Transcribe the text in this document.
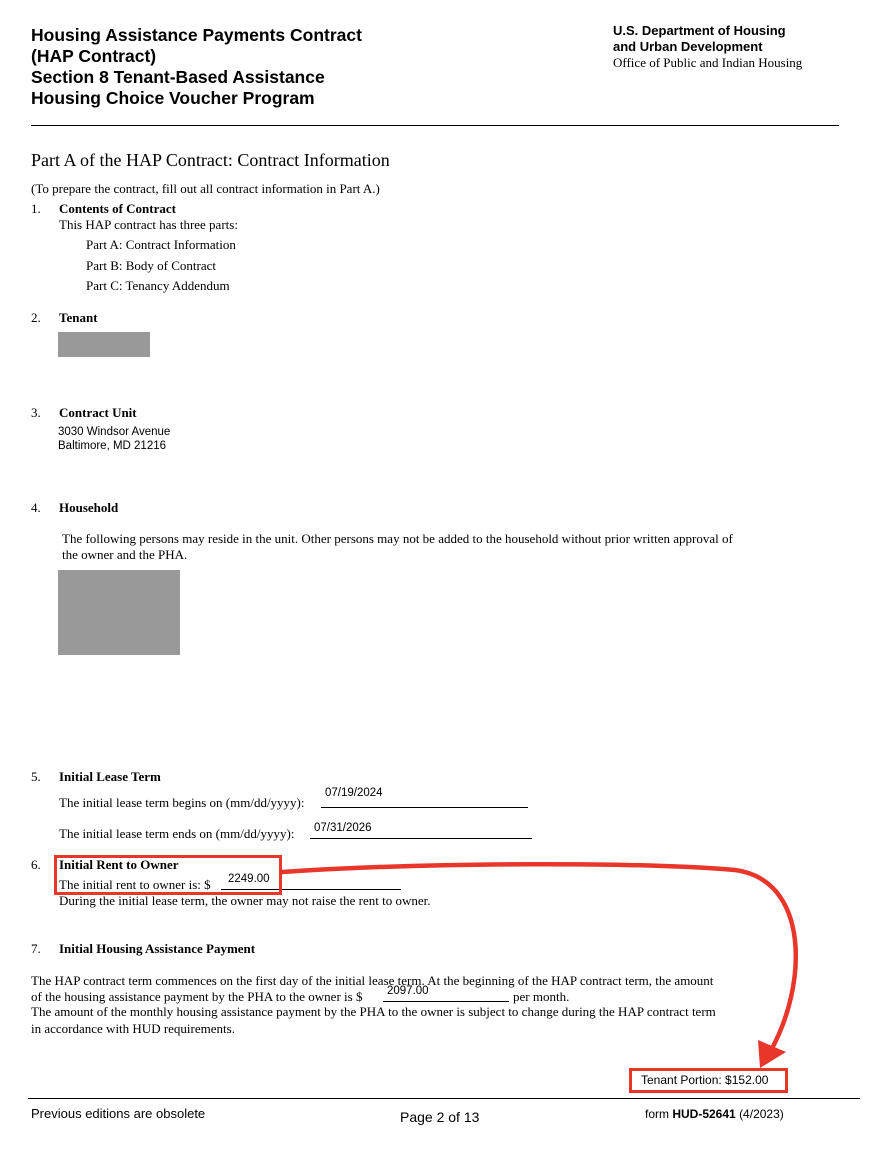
Housing Assistance Payments Contract
(HAP Contract)
Section 8 Tenant-Based Assistance
Housing Choice Voucher Program
U.S. Department of Housing
and Urban Development
Office of Public and Indian Housing
Part A of the HAP Contract: Contract Information
(To prepare the contract, fill out all contract information in Part A.)
1. Contents of Contract
This HAP contract has three parts:
Part A: Contract Information
Part B: Body of Contract
Part C: Tenancy Addendum
2. Tenant
3. Contract Unit
3030 Windsor Avenue
Baltimore, MD 21216
4. Household
The following persons may reside in the unit. Other persons may not be added to the household without prior written approval of
the owner and the PHA.
5. Initial Lease Term
The initial lease term begins on (mm/dd/yyyy):
07/19/2024
The initial lease term ends on (mm/dd/yyyy): 07/31/2026
6. Initial Rent to Owner
The initial rent to owner is: $ 2249.00
During the initial lease term, the owner may not raise the rent to owner.
7. Initial Housing Assistance Payment
The HAP contract term commences on the first day of the initial lease term. At the beginning of the HAP contract term, the amount
of the housing assistance payment by the PHA to the owner is $ 2097.00	per month.
The amount of the monthly housing assistance payment by the PHA to the owner is subject to change during the HAP contract term
in accordance with HUD requirements.
Tenant Portion: $152.00
Previous editions are obsolete	Page 2 of 13	form HUD-52641 (4/2023)
